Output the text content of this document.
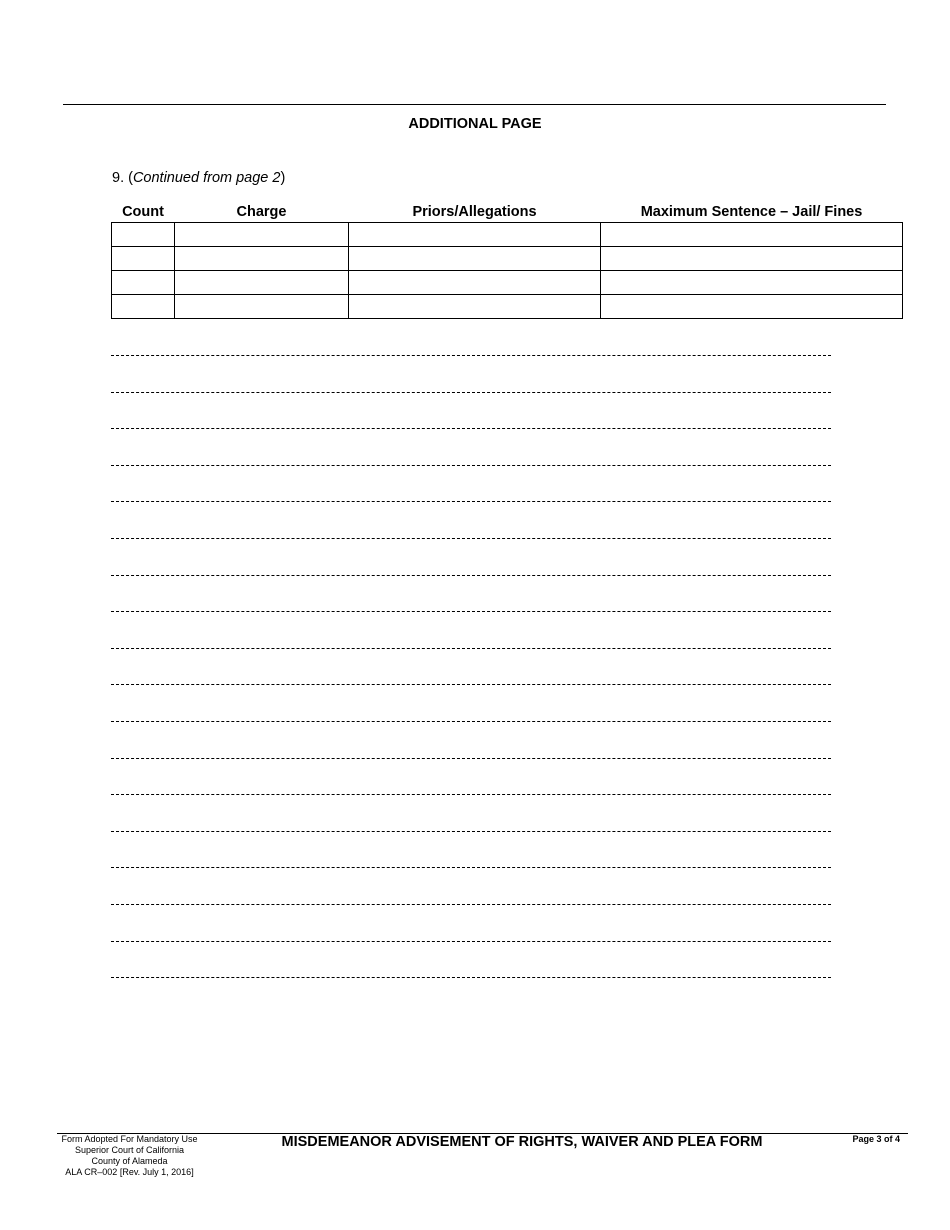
ADDITIONAL PAGE
9. (Continued from page 2)
Count	Charge	Priors/Allegations	Maximum Sentence – Jail/ Fines

Form Adopted For Mandatory Use
Superior Court of California
County of Alameda
ALA CR–002 [Rev. July 1, 2016]
MISDEMEANOR ADVISEMENT OF RIGHTS, WAIVER AND PLEA FORM	Page 3 of 4
